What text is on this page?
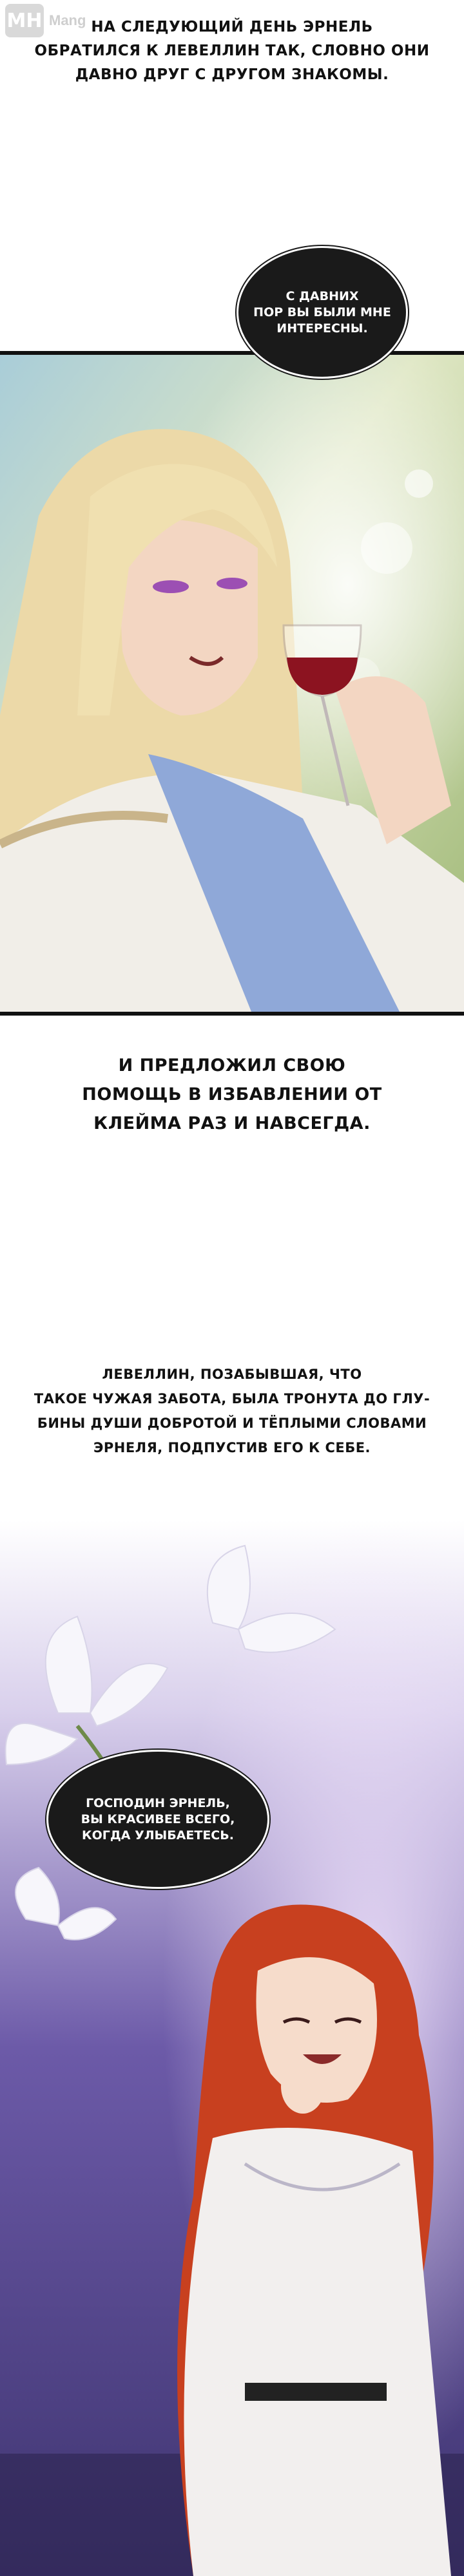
MH Mang НА СЛЕДУЮЩИЙ ДЕНЬ ЭРНЕЛЬ
ОБРАТИЛСЯ К ЛЕВЕЛЛИН ТАК, СЛОВНО ОНИ
ДАВНО ДРУГ С ДРУГОМ ЗНАКОМЫ.
С ДАВНИХ
ПОР ВЫ БЫЛИ МНЕ
ИНТЕРЕСНЫ.
И ПРЕДЛОЖИЛ СВОЮ
ПОМОЩЬ В ИЗБАВЛЕНИИ ОТ
КЛЕЙМА РАЗ И НАВСЕГДА.
ЛЕВЕЛЛИН, ПОЗАБЫВШАЯ, ЧТО
ТАКОЕ ЧУЖАЯ ЗАБОТА, БЫЛА ТРОНУТА ДО ГЛУ-
БИНЫ ДУШИ ДОБРОТОЙ И ТЁПЛЫМИ СЛОВАМИ
ЭРНЕЛЯ, ПОДПУСТИВ ЕГО К СЕБЕ.
ГОСПОДИН ЭРНЕЛЬ,
ВЫ КРАСИВЕЕ ВСЕГО,
КОГДА УЛЫБАЕТЕСЬ.
